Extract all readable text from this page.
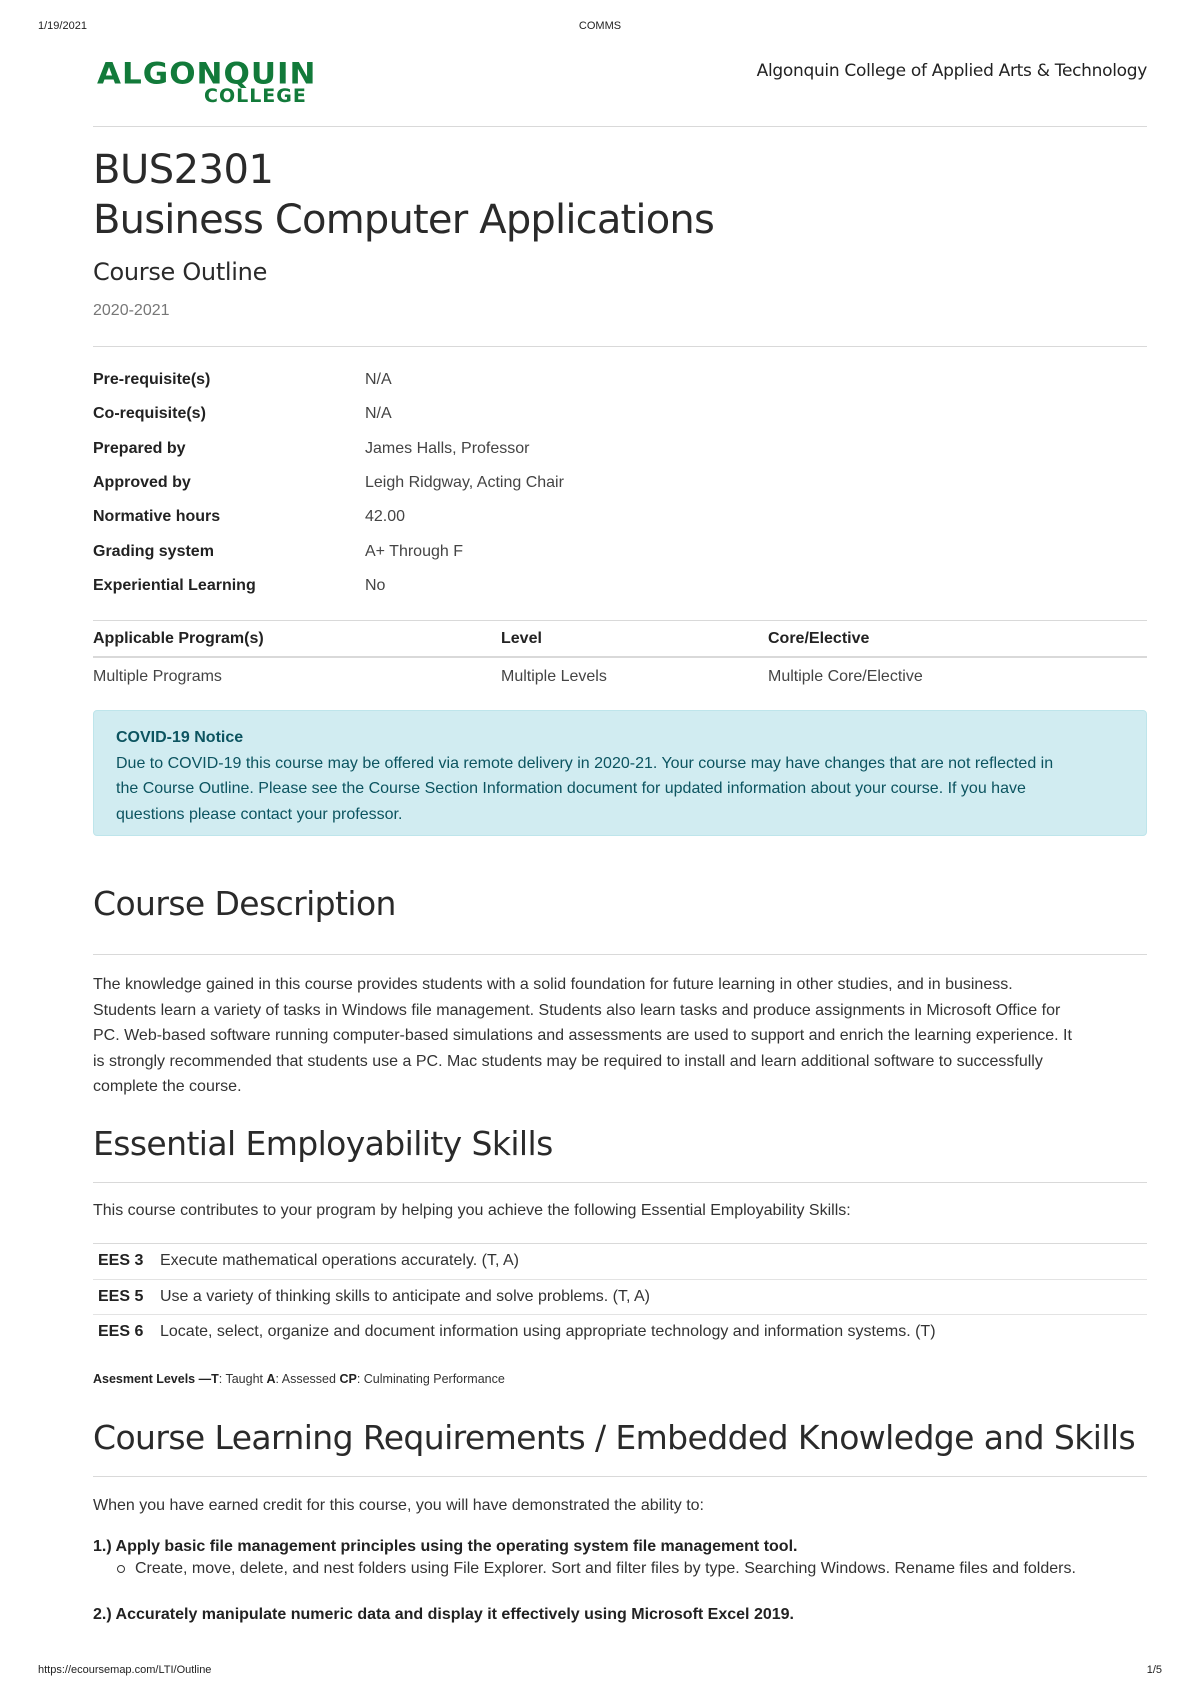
1/19/2021	COMMS
ALGONQUIN
COLLEGE
Algonquin College of Applied Arts & Technology
BUS2301
Business Computer Applications
Course Outline
2020-2021
Pre-requisite(s)	N/A
Co-requisite(s)	N/A
Prepared by	James Halls, Professor
Approved by	Leigh Ridgway, Acting Chair
Normative hours	42.00
Grading system	A+ Through F
Experiential Learning	No
Applicable Program(s)	Level	Core/Elective
Multiple Programs	Multiple Levels	Multiple Core/Elective
COVID-19 Notice
Due to COVID-19 this course may be offered via remote delivery in 2020-21. Your course may have changes that are not reflected in
the Course Outline. Please see the Course Section Information document for updated information about your course. If you have
questions please contact your professor.
Course Description
The knowledge gained in this course provides students with a solid foundation for future learning in other studies, and in business.
Students learn a variety of tasks in Windows file management. Students also learn tasks and produce assignments in Microsoft Office for
PC. Web-based software running computer-based simulations and assessments are used to support and enrich the learning experience. It
is strongly recommended that students use a PC. Mac students may be required to install and learn additional software to successfully
complete the course.
Essential Employability Skills
This course contributes to your program by helping you achieve the following Essential Employability Skills:
EES 3	Execute mathematical operations accurately. (T, A)
EES 5	Use a variety of thinking skills to anticipate and solve problems. (T, A)
EES 6	Locate, select, organize and document information using appropriate technology and information systems. (T)
Asesment Levels —T: Taught A: Assessed CP: Culminating Performance
Course Learning Requirements / Embedded Knowledge and Skills
When you have earned credit for this course, you will have demonstrated the ability to:
1.) Apply basic file management principles using the operating system file management tool.
Create, move, delete, and nest folders using File Explorer. Sort and filter files by type. Searching Windows. Rename files and folders.
2.) Accurately manipulate numeric data and display it effectively using Microsoft Excel 2019.
https://ecoursemap.com/LTI/Outline	1/5
